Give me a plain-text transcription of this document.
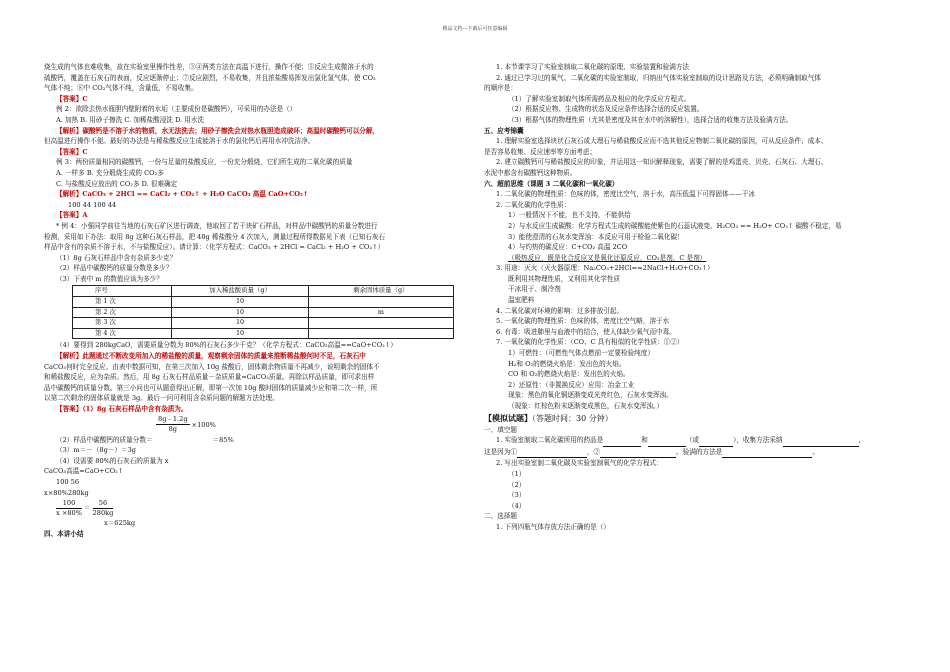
精品文档---下载后可任意编辑
烧生成的气体也难收集，故在实验室里操作性差，③④两类方法在高温下进行，操作不便；⑤反应生成微溶于水的
硫酸钙，覆盖在石灰石的表面，反应逐渐停止；⑦反应剧烈，不易收集，并且浓盐酸易挥发出氯化氢气体，使 CO₂
气体不纯；⑧中 CO₂气体不纯，含量低，不易收集。
【答案】C
例 2：欲除去热水瓶胆内壁附着的水垢（主要成份是碳酸钙），可采用的办法是（）
A. 加热 B. 用砂子擦洗 C. 加稀盐酸浸洗 D. 用水洗
【解析】碳酸钙是不溶于水的物质，水无法洗去；用砂子擦洗会对热水瓶胆造成破坏；高温时碳酸钙可以分解，
但高温进行操作不便。最好的办法是与稀盐酸反应生成能溶于水的氯化钙后再用水冲洗洁净。
【答案】C
例 3：两份质量相同的碳酸钙，一份与足量的盐酸反应，一份充分煅烧，它们所生成的二氧化碳的质量
A. 一样多 B. 充分煅烧生成的 CO₂多
C. 与盐酸反应放出的 CO₂多 D. 很难确定
【解析】CaCO₃ + 2HCl == CaCl₂ + CO₂↑ + H₂O CaCO₃ 高温 CaO+CO₂↑
100 44 100 44
【答案】A
* 例 4：小强同学前往当地的石灰石矿区进行调查，他取回了若干块矿石样品，对样品中碳酸钙的质量分数进行
检测，采用如下办法：取用 8g 这种石灰石样品，把 40g 稀盐酸分 4 次加入，测量过程所得数据见下表（已知石灰石
样品中含有的杂质不溶于水，不与盐酸反应）。请计算：（化学方程式：CaCO₃ + 2HCl = CaCl₂ + H₂O + CO₂↑）
（1）8g 石灰石样品中含有杂质多少克？
（2）样品中碳酸钙的质量分数是多少？
（3）下表中 m 的数值应该为多少？
序号	加入稀盐酸质量（g）	剩余固体质量（g）
第 1 次	10	
第 2 次	10	m
第 3 次	10	
第 4 次	10	
（4）要得到 280kgCaO，需要质量分数为 80%的石灰石多少千克？（化学方程式：CaCO₃高温==CaO+CO₂↑）
【解析】此题通过不断改变所加入的稀盐酸的质量，观察剩余固体的质量来推断稀盐酸何时不足，石灰石中
CaCO₃何时完全反应。由表中数据可知，在第三次加入 10g 盐酸后，固体剩余物质量不再减少，说明剩余的固体不
和稀盐酸反应，应为杂质。然后，用 8g 石灰石样品质量－杂质质量=CaCO₃质量。再除以样品质量，即可求出样
品中碳酸钙的质量分数。第三小问也可从题意得出正解，即第一次加 10g 酸时固体的质量减少应和第二次一样，所
以第二次剩余的固体质量就是 3g。最后一问可利用含杂质问题的解题方法处理。
【答案】（1）8g 石灰石样品中含有杂质为。
$\frac{8g - 1.2g}{8g} \times 100\%$
（2）样品中碳酸钙的质量分数＝	＝85%
（3）m＝－（8g－）＝3g
（4）设需要 80%的石灰石的质量为 x
CaCO₃高温=CaO+CO₂↑
100 56
x×80%280kg
$\frac{100}{x \times 80\%} = \frac{56}{280kg}$
x＝625kg
四、本讲小结
1. 本节课学习了实验室制取二氧化碳的原理、实验装置和验满方法
2. 通过已学习过的氧气、二氧化碳的实验室制取，归纳出气体实验室制取的设计思路及方法，必须明确制取气体
的顺序是：
（1）了解实验室制取气体所需药品及相应的化学反应方程式。
（2）根据反应物、生成物的状态及反应条件选择合适的反应装置。
（3）根据气体的物理性质（尤其是密度及其在水中的溶解性），选择合适的收集方法及验满方法。
五、应考锦囊
1. 理解实验室选择块状石灰石或大理石与稀盐酸反应而不选其他反应物制二氧化碳的原因，可从反应条件、成本、
是否容易收集、反应速率等方面考虑；
2. 建立碳酸钙可与稀盐酸反应的印象，并运用这一知识解释现象，需要了解的是鸡蛋壳、贝壳、石灰石、大理石、
水泥中都含有碳酸钙这种物质。
六、超前思维（课题 3 二氧化碳和一氧化碳）
1. 二氧化碳的物理性质：色味的体，密度比空气，溶于水，高压低温下可得固体——干冰
2. 二氧化碳的化学性质：
1）一般情况下不能，也不支持，不能供给
2）与水反应生成碳酸：化学方程式生成的碳酸能使紫色的石蕊试液变，H₂CO₃ == H₂O+ CO₂↑ 碳酸不稳定，易
3）能使澄清的石灰水变浑浊：本反应可用于检验二氧化碳！
4）与灼热的碳反应：C+CO₂ 高温 2CO
（吸热反应，既是化合反应又是氧化还原反应，CO₂是剂，C 是剂）
3. 用途：灭火（灭火器原理：Na₂CO₃+2HCl==2NaCl+H₂O+CO₂↑）
既利用其物理性质，又利用其化学性质
干冰用于、制冷剂
温室肥料
4. 二氧化碳对环境的影响：过多排放引起。
5. 一氧化碳的物理性质：色味的体，密度比空气略，溶于水
6. 有毒：吸进肺里与血液中的结合，使人体缺少氧气而中毒。
7. 一氧化碳的化学性质：（CO、C 具有相似的化学性质：①②）
1）可燃性：（可燃性气体点燃前一定要检验纯度）
H₂和 O₂的燃烧火焰是：发出色的火焰。
CO 和 O₂的燃烧火焰是：发出色的火焰。
2）还原性：（非置换反应）应用：冶金工业
现象：黑色的氧化铜逐渐变成光亮红色，石灰水变浑浊。
（现象：红棕色粉末逐渐变成黑色，石灰水变浑浊。）
【模拟试题】（答题时间：30 分钟）
一、填空题
1. 实验室制取二氧化碳所用的药品是	和	（或	），收集方法采纳	，
这是因为①	，②	。验满的方法是	。
2. 写出实验室制二氧化碳及实验室制氧气的化学方程式：
（1）
（2）
（3）
（4）
二、选择题
1. 下列四瓶气体存放方法正确的是（）
